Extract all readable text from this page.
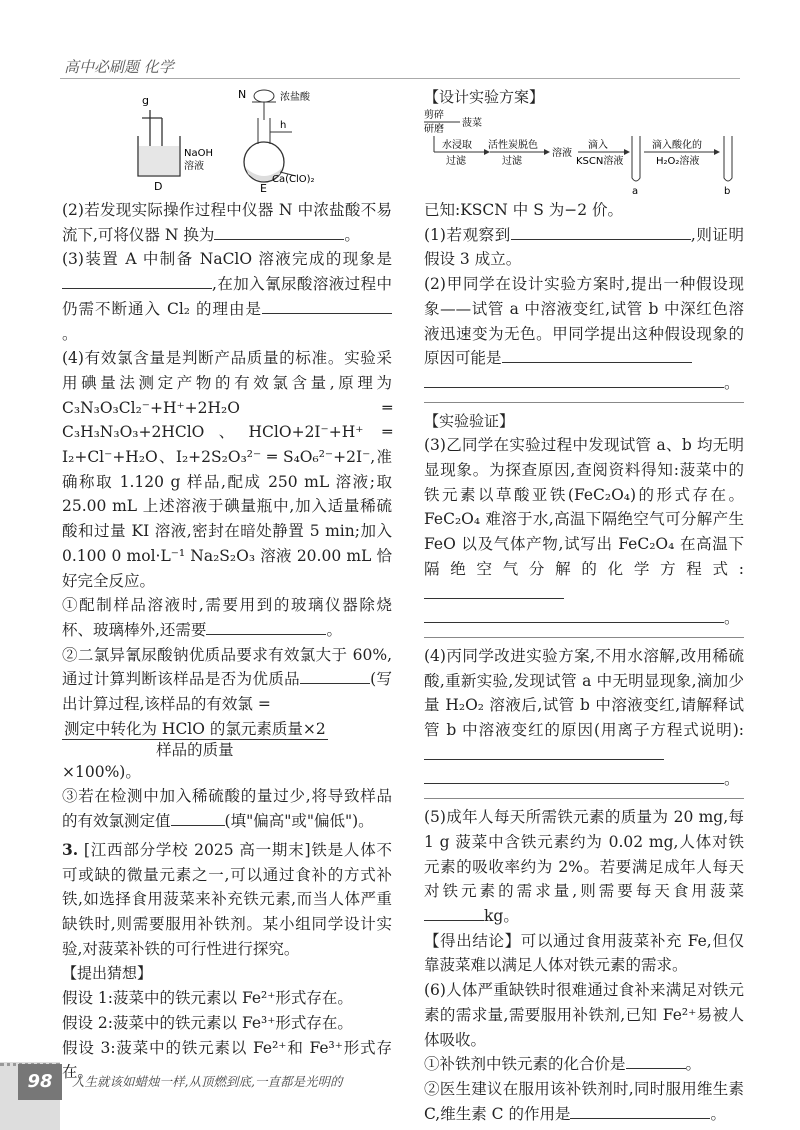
高中必刷题 化学
g
NaOH
溶液
D
N	浓盐酸
h
E
Ca(ClO)₂

(2)若发现实际操作过程中仪器 N 中浓盐酸不易流下,可将仪器 N 换为	。

(3)装置 A 中制备 NaClO 溶液完成的现象是,在加入氰尿酸溶液过程中仍需不断通入 Cl₂ 的理由是。

(4)有效氯含量是判断产品质量的标准。实验采用碘量法测定产物的有效氯含量,原理为 C₃N₃O₃Cl₂⁻+H⁺+2H₂O ═ C₃H₃N₃O₃+2HClO、HClO+2I⁻+H⁺ ═ I₂+Cl⁻+H₂O、I₂+2S₂O₃²⁻ ═ S₄O₆²⁻+2I⁻,准确称取 1.120 g 样品,配成 250 mL 溶液;取 25.00 mL 上述溶液于碘量瓶中,加入适量稀硫酸和过量 KI 溶液,密封在暗处静置 5 min;加入 0.100 0 mol·L⁻¹ Na₂S₂O₃ 溶液 20.00 mL 恰好完全反应。

①配制样品溶液时,需要用到的玻璃仪器除烧杯、玻璃棒外,还需要	。

②二氯异氰尿酸钠优质品要求有效氯大于 60%,通过计算判断该样品是否为优质品	(写出计算过程,该样品的有效氯 =

$\frac{\text{测定中转化为 HClO 的氯元素质量×2}}{\text{样品的质量}}$
×100%)。

③若在检测中加入稀硫酸的量过少,将导致样品的有效氯测定值	(填"偏高"或"偏低")。

3. [江西部分学校 2025 高一期末]铁是人体不可或缺的微量元素之一,可以通过食补的方式补铁,如选择食用菠菜来补充铁元素,而当人体严重缺铁时,则需要服用补铁剂。某小组同学设计实验,对菠菜补铁的可行性进行探究。

【提出猜想】

假设 1:菠菜中的铁元素以 Fe²⁺形式存在。

假设 2:菠菜中的铁元素以 Fe³⁺形式存在。

假设 3:菠菜中的铁元素以 Fe²⁺和 Fe³⁺形式存在。

【设计实验方案】
剪碎
研磨
菠菜
水浸取
过滤
活性炭脱色
过滤
溶液
滴入
KSCN溶液
a
滴入酸化的
H₂O₂溶液
b

已知:KSCN 中 S 为−2 价。

(1)若观察到	,则证明假设 3 成立。

(2)甲同学在设计实验方案时,提出一种假设现象——试管 a 中溶液变红,试管 b 中深红色溶液迅速变为无色。甲同学提出这种假设现象的原因可能是
。

【实验验证】

(3)乙同学在实验过程中发现试管 a、b 均无明显现象。为探查原因,查阅资料得知:菠菜中的铁元素以草酸亚铁(FeC₂O₄)的形式存在。FeC₂O₄ 难溶于水,高温下隔绝空气可分解产生 FeO 以及气体产物,试写出 FeC₂O₄ 在高温下隔绝空气分解的化学方程式:
。

(4)丙同学改进实验方案,不用水溶解,改用稀硫酸,重新实验,发现试管 a 中无明显现象,滴加少量 H₂O₂ 溶液后,试管 b 中溶液变红,请解释试管 b 中溶液变红的原因(用离子方程式说明):
。

(5)成年人每天所需铁元素的质量为 20 mg,每 1 g 菠菜中含铁元素约为 0.02 mg,人体对铁元素的吸收率约为 2%。若要满足成年人每天对铁元素的需求量,则需要每天食用菠菜kg。

【得出结论】可以通过食用菠菜补充 Fe,但仅靠菠菜难以满足人体对铁元素的需求。

(6)人体严重缺铁时很难通过食补来满足对铁元素的需求量,需要服用补铁剂,已知 Fe²⁺易被人体吸收。

①补铁剂中铁元素的化合价是	。

②医生建议在服用该补铁剂时,同时服用维生素 C,维生素 C 的作用是	。

98	人生就该如蜡烛一样,从顶燃到底,一直都是光明的
